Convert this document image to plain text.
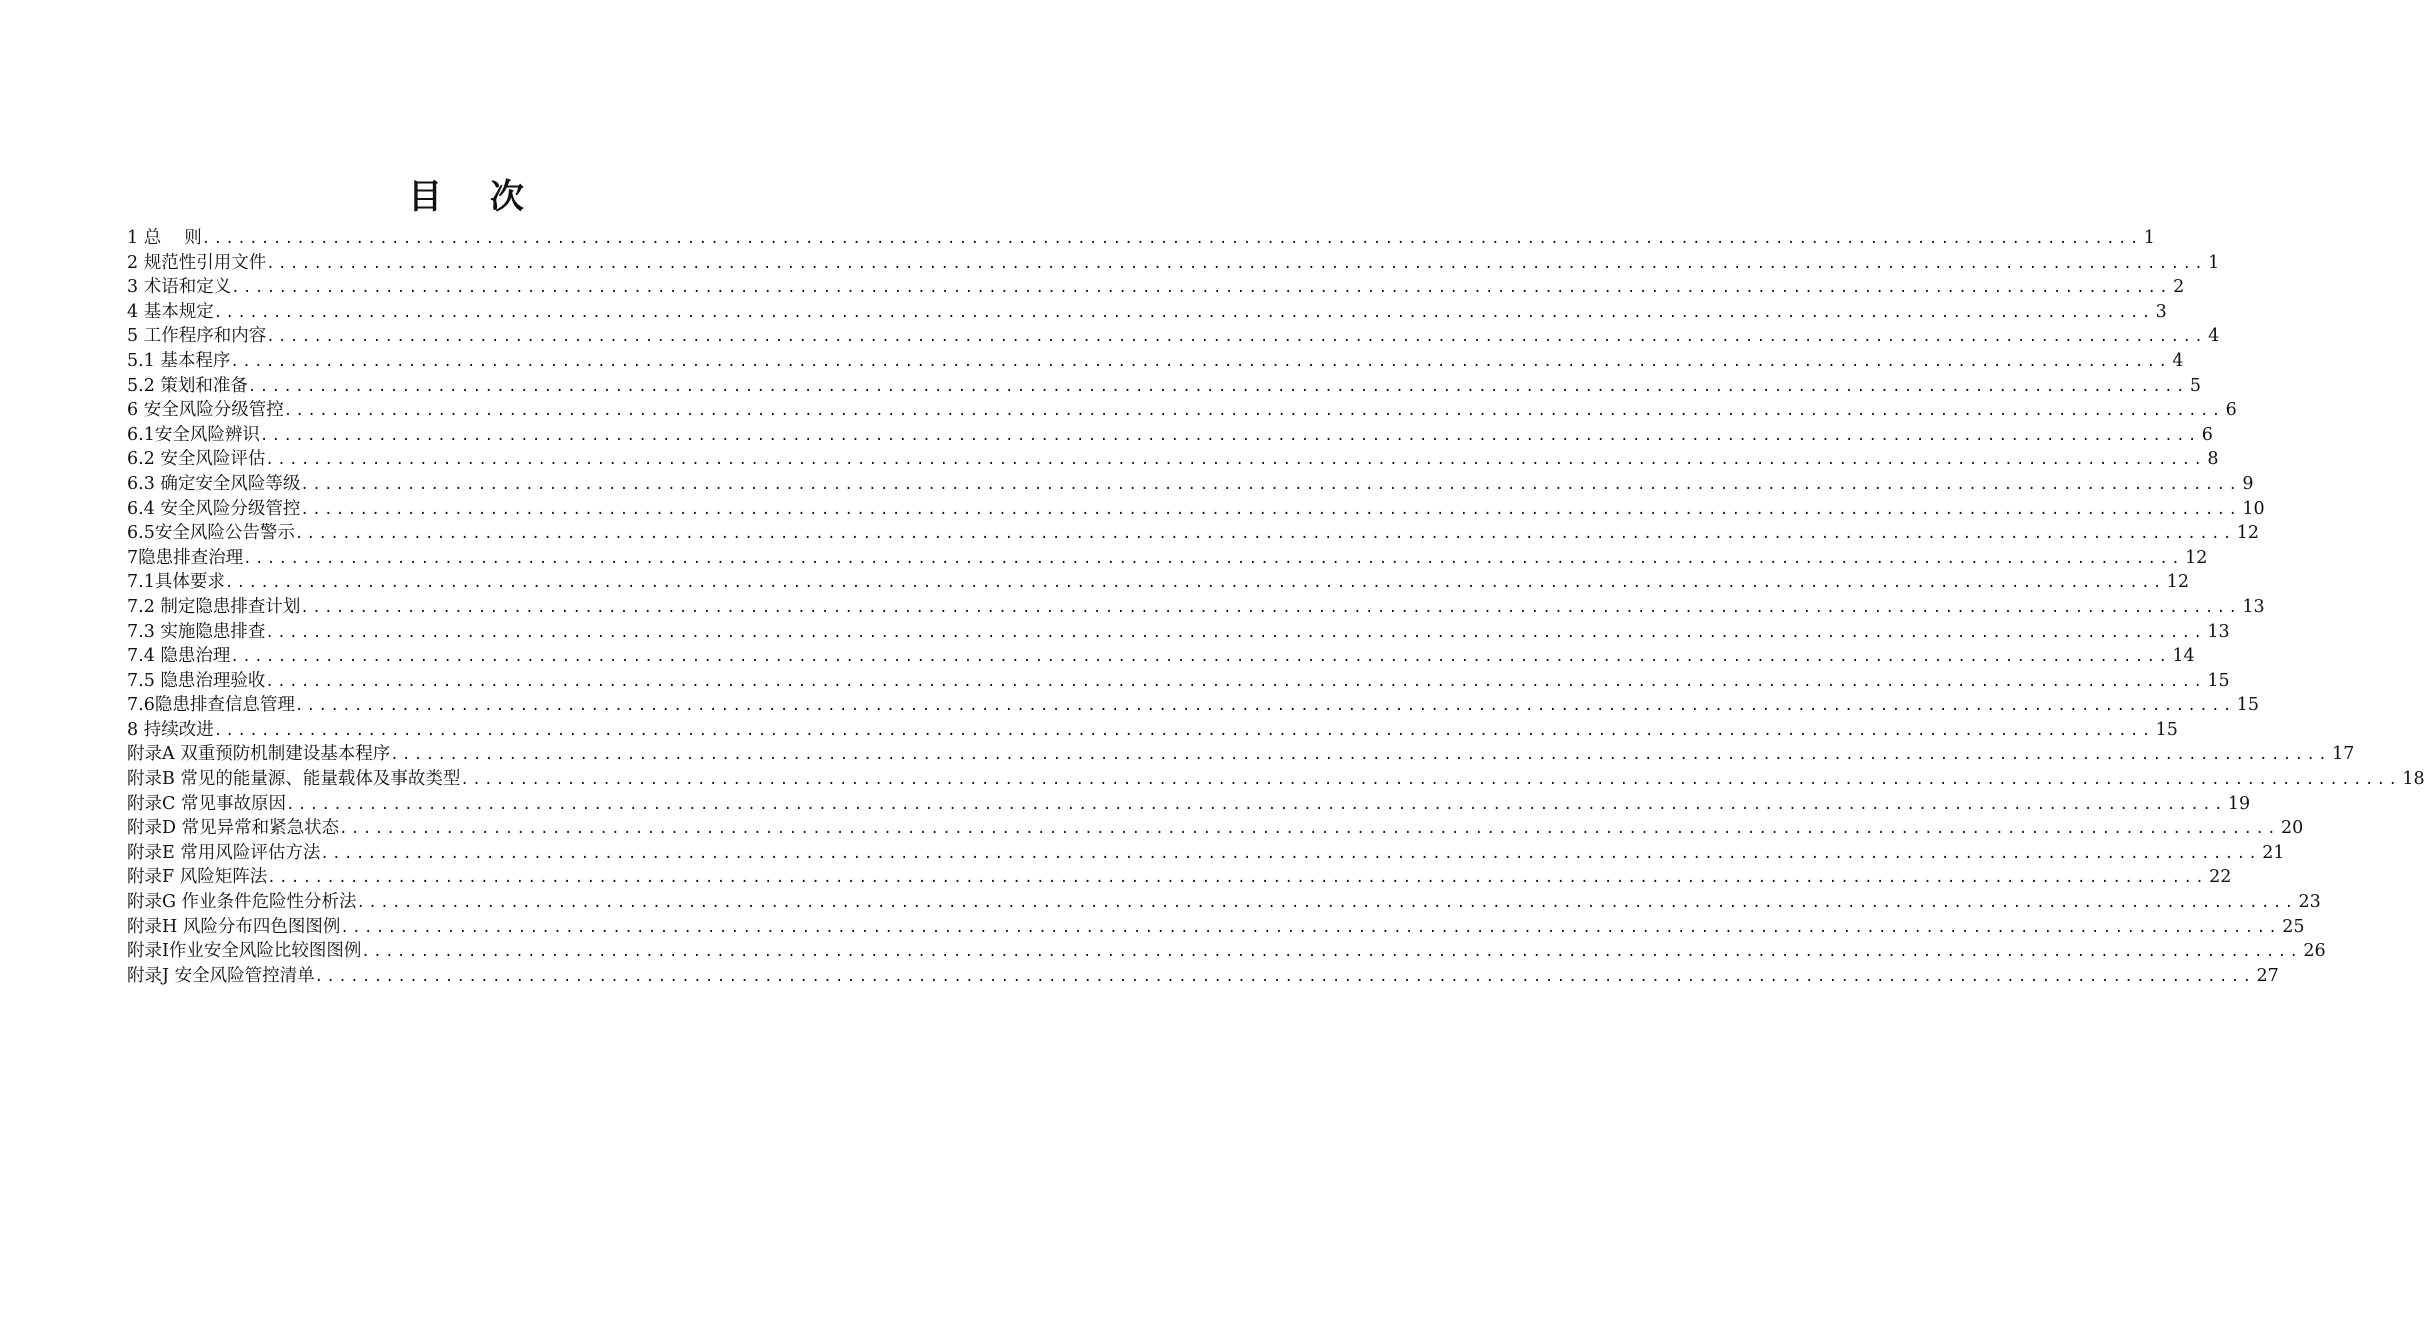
目 次
1 总　 则 .................................................................................................................................................................... 1
2 规范性引用文件 .................................................................................................................................................................... 1
3 术语和定义 .................................................................................................................................................................... 2
4 基本规定 .................................................................................................................................................................... 3
5 工作程序和内容 .................................................................................................................................................................... 4
5.1 基本程序 .................................................................................................................................................................... 4
5.2 策划和准备 .................................................................................................................................................................... 5
6 安全风险分级管控 .................................................................................................................................................................... 6
6.1安全风险辨识 .................................................................................................................................................................... 6
6.2 安全风险评估 .................................................................................................................................................................... 8
6.3 确定安全风险等级 .................................................................................................................................................................... 9
6.4 安全风险分级管控 .................................................................................................................................................................... 10
6.5安全风险公告警示 .................................................................................................................................................................... 12
7隐患排查治理 .................................................................................................................................................................... 12
7.1具体要求 .................................................................................................................................................................... 12
7.2 制定隐患排查计划 .................................................................................................................................................................... 13
7.3 实施隐患排查 .................................................................................................................................................................... 13
7.4 隐患治理 .................................................................................................................................................................... 14
7.5 隐患治理验收 .................................................................................................................................................................... 15
7.6隐患排查信息管理 .................................................................................................................................................................... 15
8 持续改进 .................................................................................................................................................................... 15
附录A 双重预防机制建设基本程序 .................................................................................................................................................................... 17
附录B 常见的能量源、能量载体及事故类型 .................................................................................................................................................................... 18
附录C 常见事故原因 .................................................................................................................................................................... 19
附录D 常见异常和紧急状态 .................................................................................................................................................................... 20
附录E 常用风险评估方法 .................................................................................................................................................................... 21
附录F 风险矩阵法 .................................................................................................................................................................... 22
附录G 作业条件危险性分析法 .................................................................................................................................................................... 23
附录H 风险分布四色图图例 .................................................................................................................................................................... 25
附录I作业安全风险比较图图例 .................................................................................................................................................................... 26
附录J 安全风险管控清单 .................................................................................................................................................................... 27
